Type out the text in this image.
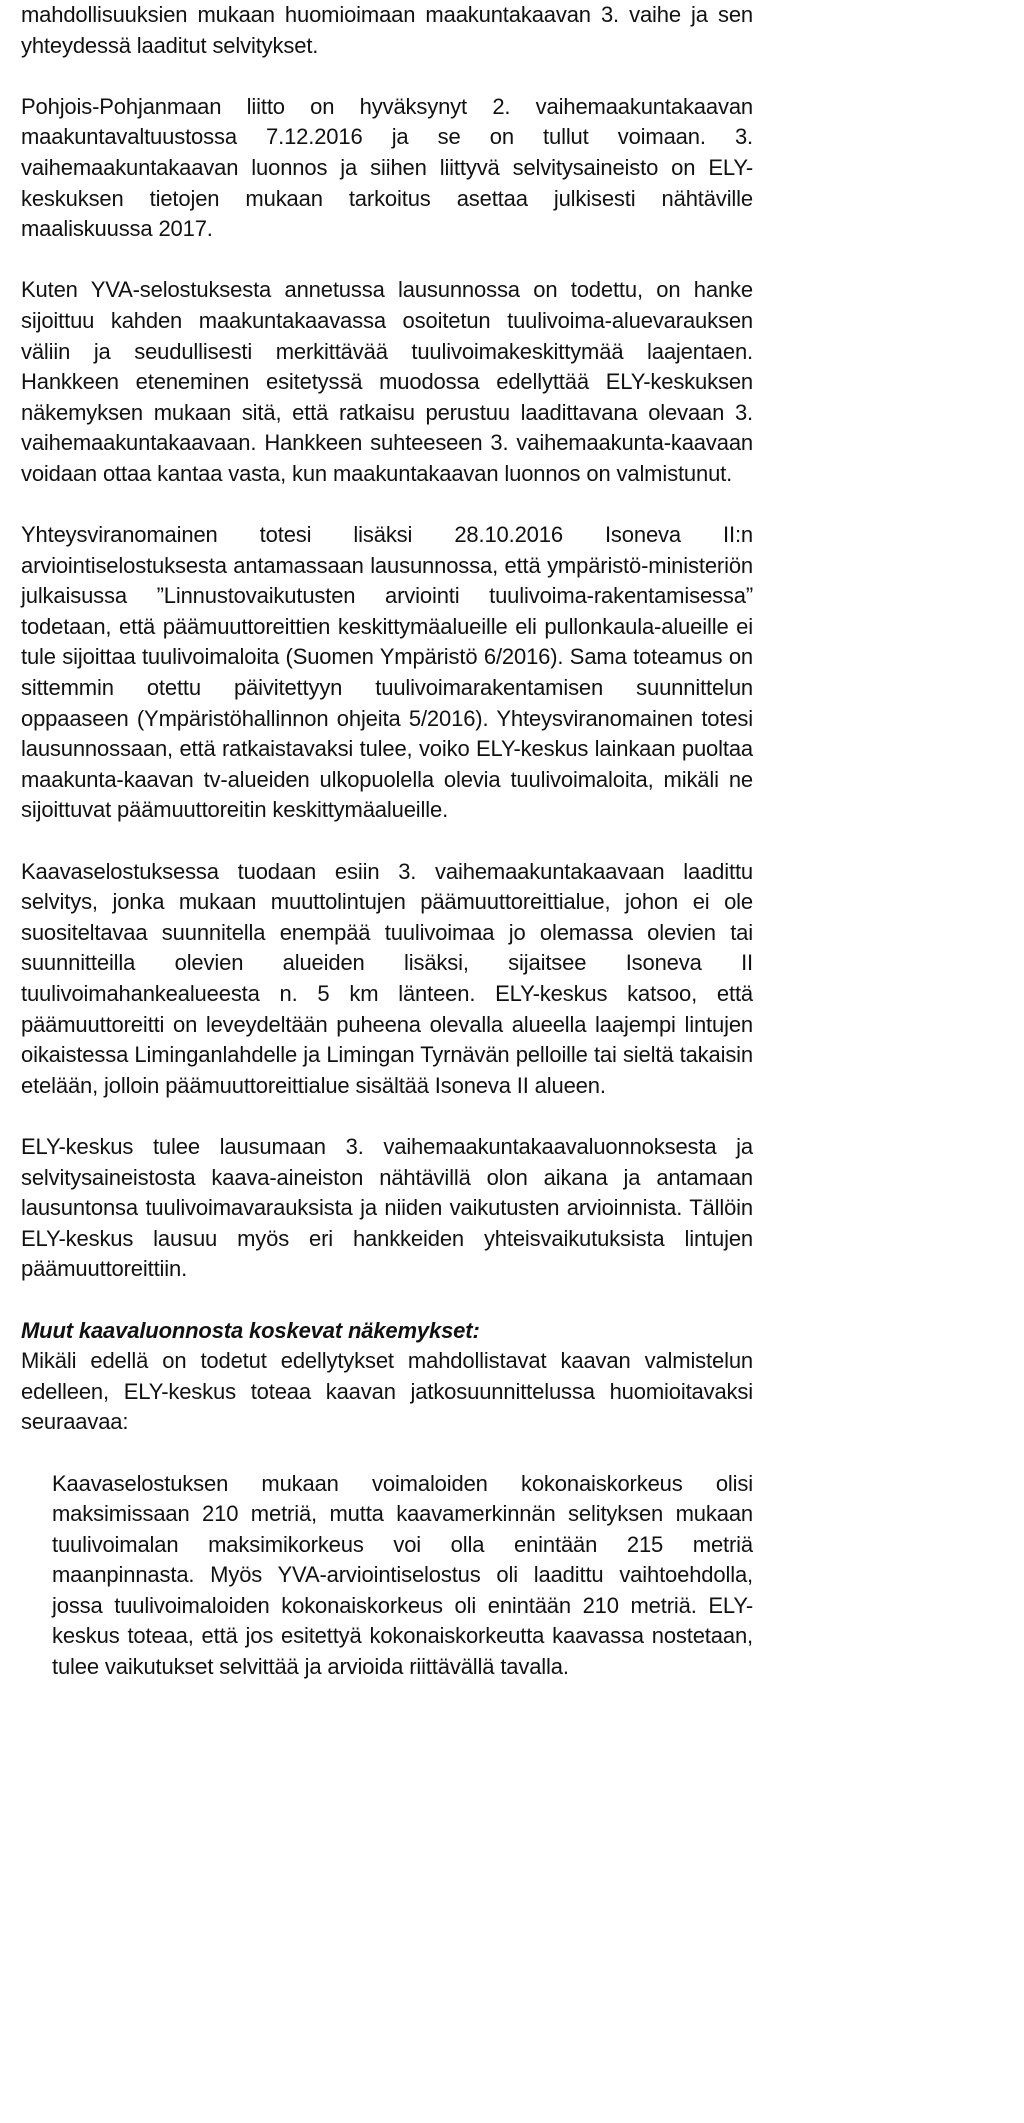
mahdollisuuksien mukaan huomioimaan maakuntakaavan 3. vaihe ja sen yhteydessä laaditut selvitykset.

Pohjois-Pohjanmaan liitto on hyväksynyt 2. vaihemaakuntakaavan maakuntavaltuustossa 7.12.2016 ja se on tullut voimaan. 3. vaihemaakuntakaavan luonnos ja siihen liittyvä selvitysaineisto on ELY-keskuksen tietojen mukaan tarkoitus asettaa julkisesti nähtäville maaliskuussa 2017.

Kuten YVA-selostuksesta annetussa lausunnossa on todettu, on hanke sijoittuu kahden maakuntakaavassa osoitetun tuulivoima-aluevarauksen väliin ja seudullisesti merkittävää tuulivoimakeskittymää laajentaen. Hankkeen eteneminen esitetyssä muodossa edellyttää ELY-keskuksen näkemyksen mukaan sitä, että ratkaisu perustuu laadittavana olevaan 3. vaihemaakuntakaavaan. Hankkeen suhteeseen 3. vaihemaakunta-kaavaan voidaan ottaa kantaa vasta, kun maakuntakaavan luonnos on valmistunut.

Yhteysviranomainen totesi lisäksi 28.10.2016 Isoneva II:n arviointiselostuksesta antamassaan lausunnossa, että ympäristö-ministeriön julkaisussa ”Linnustovaikutusten arviointi tuulivoima-rakentamisessa” todetaan, että päämuuttoreittien keskittymäalueille eli pullonkaula-alueille ei tule sijoittaa tuulivoimaloita (Suomen Ympäristö 6/2016). Sama toteamus on sittemmin otettu päivitettyyn tuulivoimarakentamisen suunnittelun oppaaseen (Ympäristöhallinnon ohjeita 5/2016). Yhteysviranomainen totesi lausunnossaan, että ratkaistavaksi tulee, voiko ELY-keskus lainkaan puoltaa maakunta-kaavan tv-alueiden ulkopuolella olevia tuulivoimaloita, mikäli ne sijoittuvat päämuuttoreitin keskittymäalueille.

Kaavaselostuksessa tuodaan esiin 3. vaihemaakuntakaavaan laadittu selvitys, jonka mukaan muuttolintujen päämuuttoreittialue, johon ei ole suositeltavaa suunnitella enempää tuulivoimaa jo olemassa olevien tai suunnitteilla olevien alueiden lisäksi, sijaitsee Isoneva II tuulivoimahankealueesta n. 5 km länteen. ELY-keskus katsoo, että päämuuttoreitti on leveydeltään puheena olevalla alueella laajempi lintujen oikaistessa Liminganlahdelle ja Limingan Tyrnävän pelloille tai sieltä takaisin etelään, jolloin päämuuttoreittialue sisältää Isoneva II alueen.

ELY-keskus tulee lausumaan 3. vaihemaakuntakaavaluonnoksesta ja selvitysaineistosta kaava-aineiston nähtävillä olon aikana ja antamaan lausuntonsa tuulivoimavarauksista ja niiden vaikutusten arvioinnista. Tällöin ELY-keskus lausuu myös eri hankkeiden yhteisvaikutuksista lintujen päämuuttoreittiin.

Muut kaavaluonnosta koskevat näkemykset:

Mikäli edellä on todetut edellytykset mahdollistavat kaavan valmistelun edelleen, ELY-keskus toteaa kaavan jatkosuunnittelussa huomioitavaksi seuraavaa:

Kaavaselostuksen mukaan voimaloiden kokonaiskorkeus olisi maksimissaan 210 metriä, mutta kaavamerkinnän selityksen mukaan tuulivoimalan maksimikorkeus voi olla enintään 215 metriä maanpinnasta. Myös YVA-arviointiselostus oli laadittu vaihtoehdolla, jossa tuulivoimaloiden kokonaiskorkeus oli enintään 210 metriä. ELY-keskus toteaa, että jos esitettyä kokonaiskorkeutta kaavassa nostetaan, tulee vaikutukset selvittää ja arvioida riittävällä tavalla.
